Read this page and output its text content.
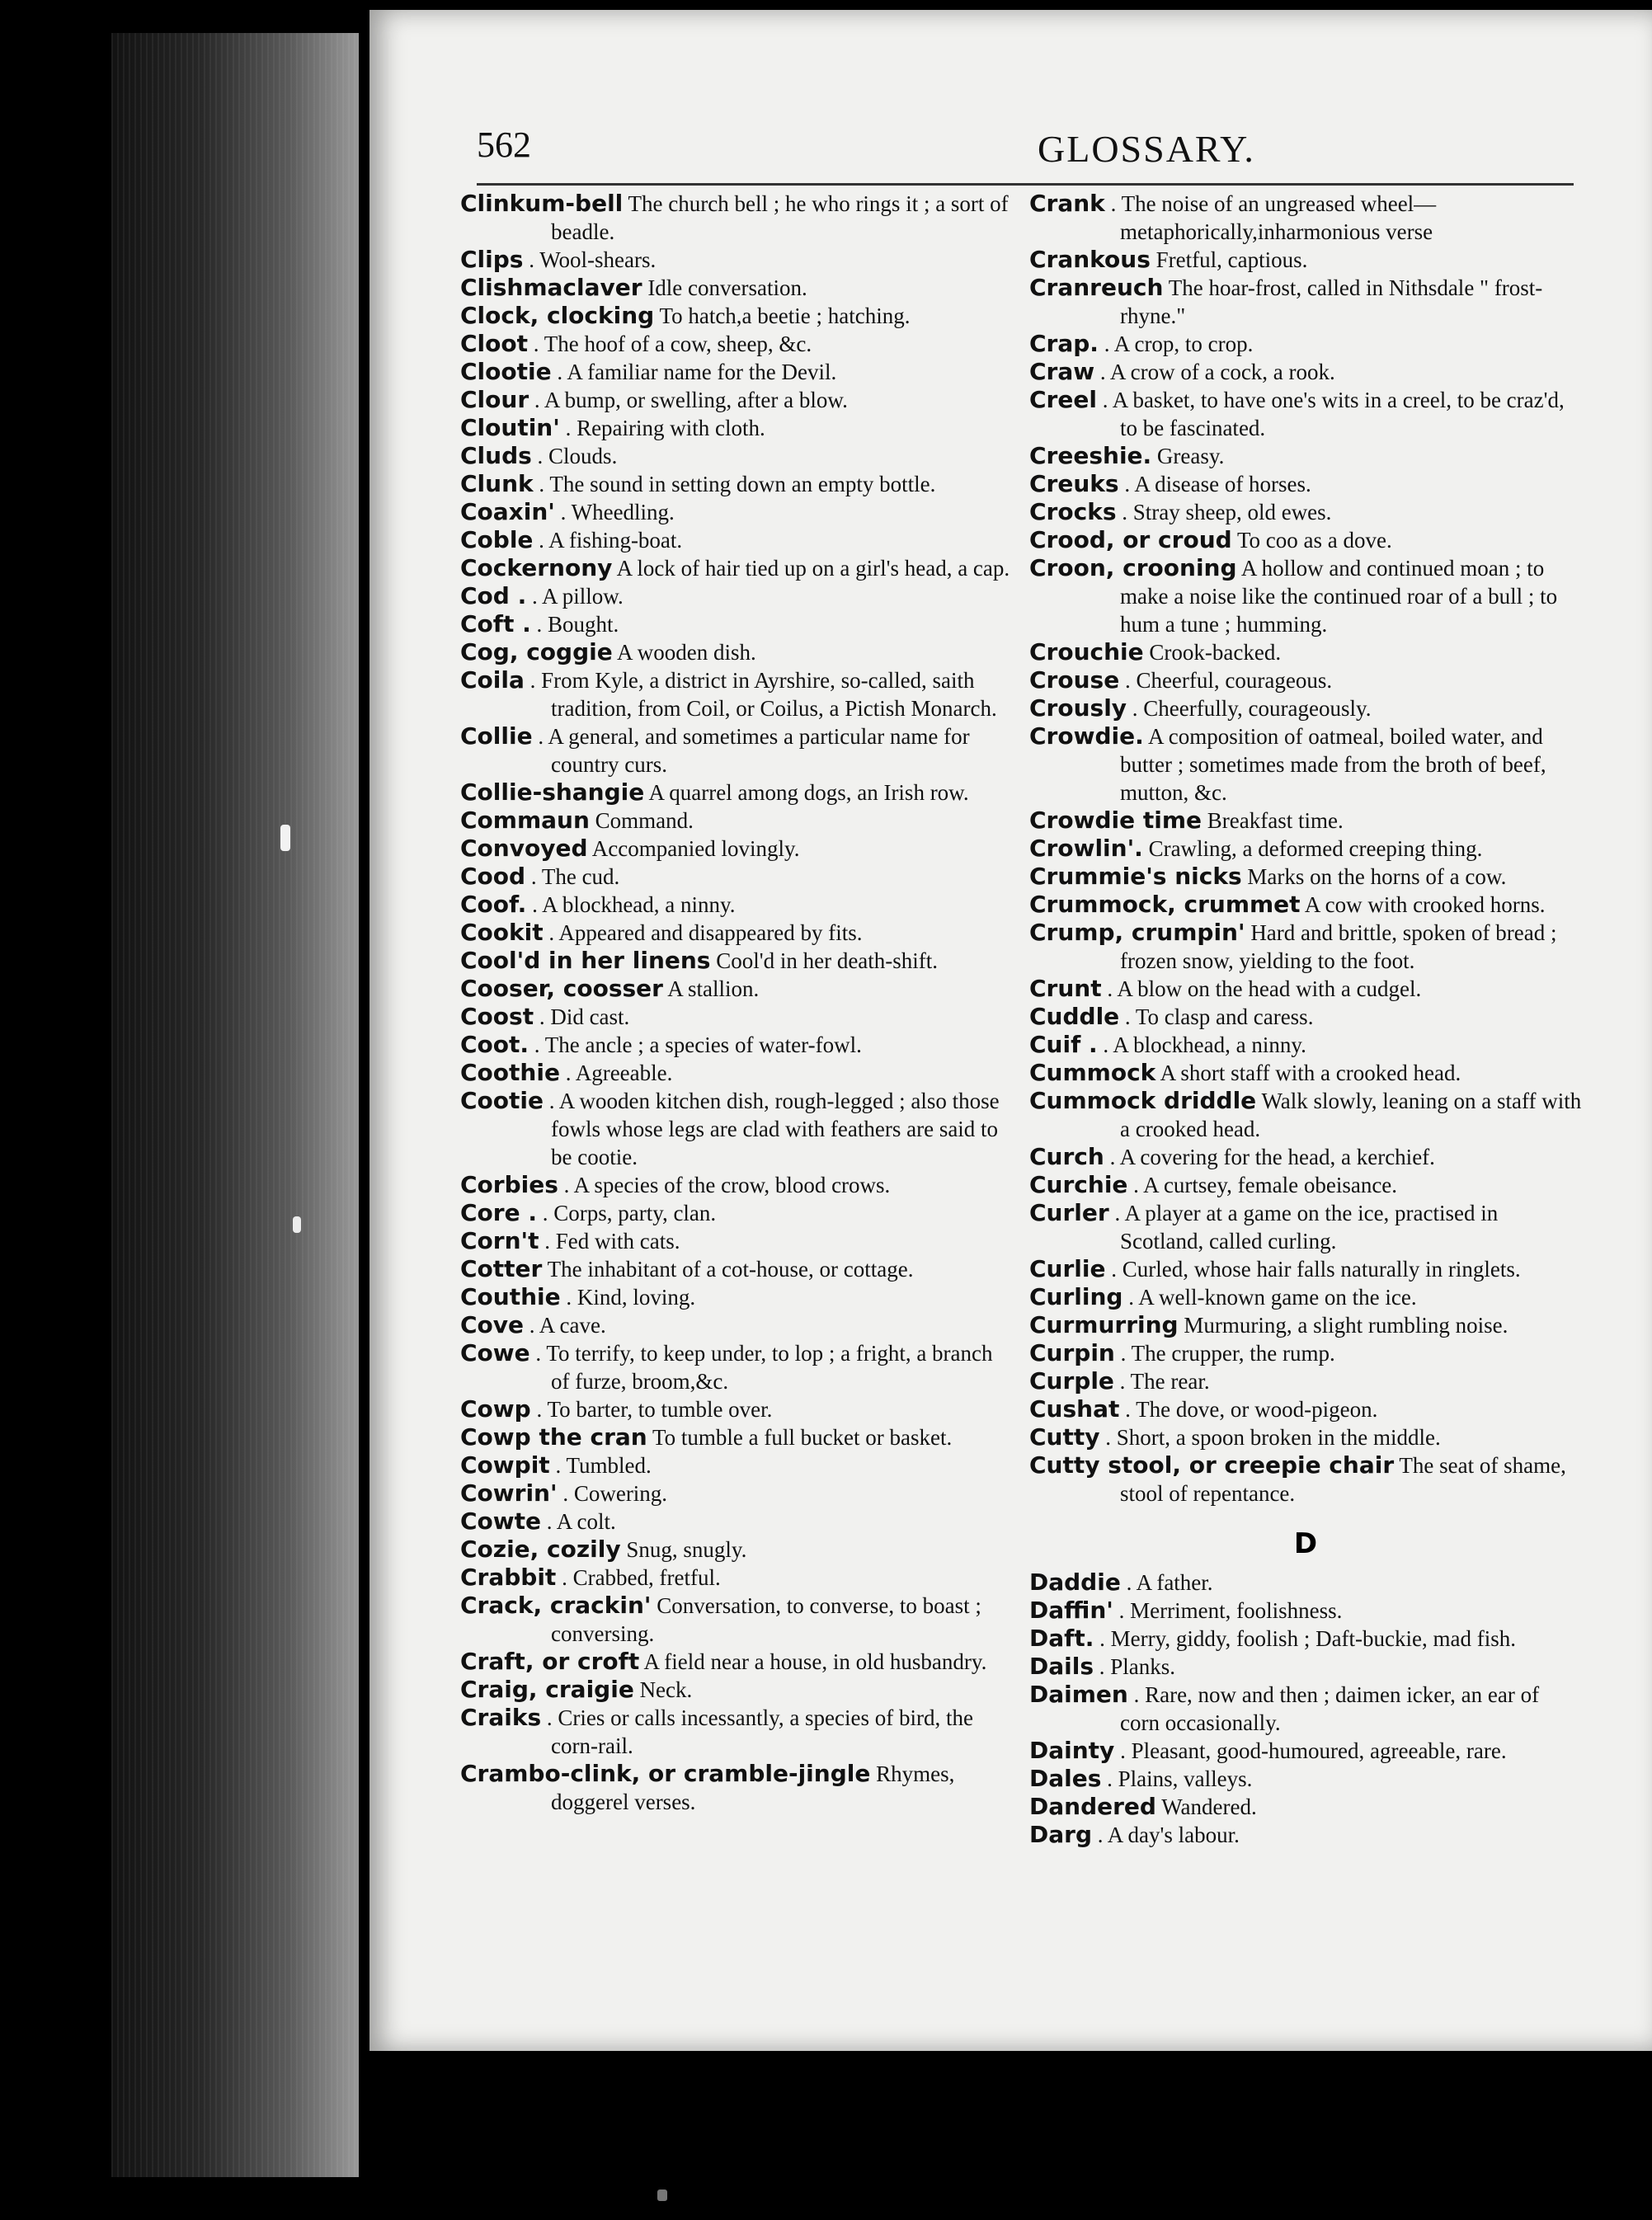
562	GLOSSARY.
Clinkum-bell The church bell ; he who rings it ; a sort of beadle.
Clips . Wool-shears.
Clishmaclaver Idle conversation.
Clock, clocking To hatch,a beetie ; hatching.
Cloot . The hoof of a cow, sheep, &c.
Clootie . A familiar name for the Devil.
Clour . A bump, or swelling, after a blow.
Cloutin' . Repairing with cloth.
Cluds . Clouds.
Clunk . The sound in setting down an empty bottle.
Coaxin' . Wheedling.
Coble . A fishing-boat.
Cockernony A lock of hair tied up on a girl's head, a cap.
Cod . . A pillow.
Coft . . Bought.
Cog, coggie A wooden dish.
Coila . From Kyle, a district in Ayrshire, so-called, saith tradition, from Coil, or Coilus, a Pictish Monarch.
Collie . A general, and sometimes a particular name for country curs.
Collie-shangie A quarrel among dogs, an Irish row.
Commaun Command.
Convoyed Accompanied lovingly.
Cood . The cud.
Coof. . A blockhead, a ninny.
Cookit . Appeared and disappeared by fits.
Cool'd in her linens Cool'd in her death-shift.
Cooser, coosser A stallion.
Coost . Did cast.
Coot. . The ancle ; a species of water-fowl.
Coothie . Agreeable.
Cootie . A wooden kitchen dish, rough-legged ; also those fowls whose legs are clad with feathers are said to be cootie.
Corbies . A species of the crow, blood crows.
Core . . Corps, party, clan.
Corn't . Fed with cats.
Cotter The inhabitant of a cot-house, or cottage.
Couthie . Kind, loving.
Cove . A cave.
Cowe . To terrify, to keep under, to lop ; a fright, a branch of furze, broom,&c.
Cowp . To barter, to tumble over.
Cowp the cran To tumble a full bucket or basket.
Cowpit . Tumbled.
Cowrin' . Cowering.
Cowte . A colt.
Cozie, cozily Snug, snugly.
Crabbit . Crabbed, fretful.
Crack, crackin' Conversation, to converse, to boast ; conversing.
Craft, or croft A field near a house, in old husbandry.
Craig, craigie Neck.
Craiks . Cries or calls incessantly, a species of bird, the corn-rail.
Crambo-clink, or cramble-jingle Rhymes, doggerel verses.
Crank . The noise of an ungreased wheel—metaphorically,inharmonious verse
Crankous Fretful, captious.
Cranreuch The hoar-frost, called in Nithsdale " frost-rhyne."
Crap. . A crop, to crop.
Craw . A crow of a cock, a rook.
Creel . A basket, to have one's wits in a creel, to be craz'd, to be fascinated.
Creeshie. Greasy.
Creuks . A disease of horses.
Crocks . Stray sheep, old ewes.
Crood, or croud To coo as a dove.
Croon, crooning A hollow and continued moan ; to make a noise like the continued roar of a bull ; to hum a tune ; humming.
Crouchie Crook-backed.
Crouse . Cheerful, courageous.
Crously . Cheerfully, courageously.
Crowdie. A composition of oatmeal, boiled water, and butter ; sometimes made from the broth of beef, mutton, &c.
Crowdie time Breakfast time.
Crowlin'. Crawling, a deformed creeping thing.
Crummie's nicks Marks on the horns of a cow.
Crummock, crummet A cow with crooked horns.
Crump, crumpin' Hard and brittle, spoken of bread ; frozen snow, yielding to the foot.
Crunt . A blow on the head with a cudgel.
Cuddle . To clasp and caress.
Cuif . . A blockhead, a ninny.
Cummock A short staff with a crooked head.
Cummock driddle Walk slowly, leaning on a staff with a crooked head.
Curch . A covering for the head, a kerchief.
Curchie . A curtsey, female obeisance.
Curler . A player at a game on the ice, practised in Scotland, called curling.
Curlie . Curled, whose hair falls naturally in ringlets.
Curling . A well-known game on the ice.
Curmurring Murmuring, a slight rumbling noise.
Curpin . The crupper, the rump.
Curple . The rear.
Cushat . The dove, or wood-pigeon.
Cutty . Short, a spoon broken in the middle.
Cutty stool, or creepie chair The seat of shame, stool of repentance.
D
Daddie . A father.
Daffin' . Merriment, foolishness.
Daft. . Merry, giddy, foolish ; Daft-buckie, mad fish.
Dails . Planks.
Daimen . Rare, now and then ; daimen icker, an ear of corn occasionally.
Dainty . Pleasant, good-humoured, agreeable, rare.
Dales . Plains, valleys.
Dandered Wandered.
Darg . A day's labour.
